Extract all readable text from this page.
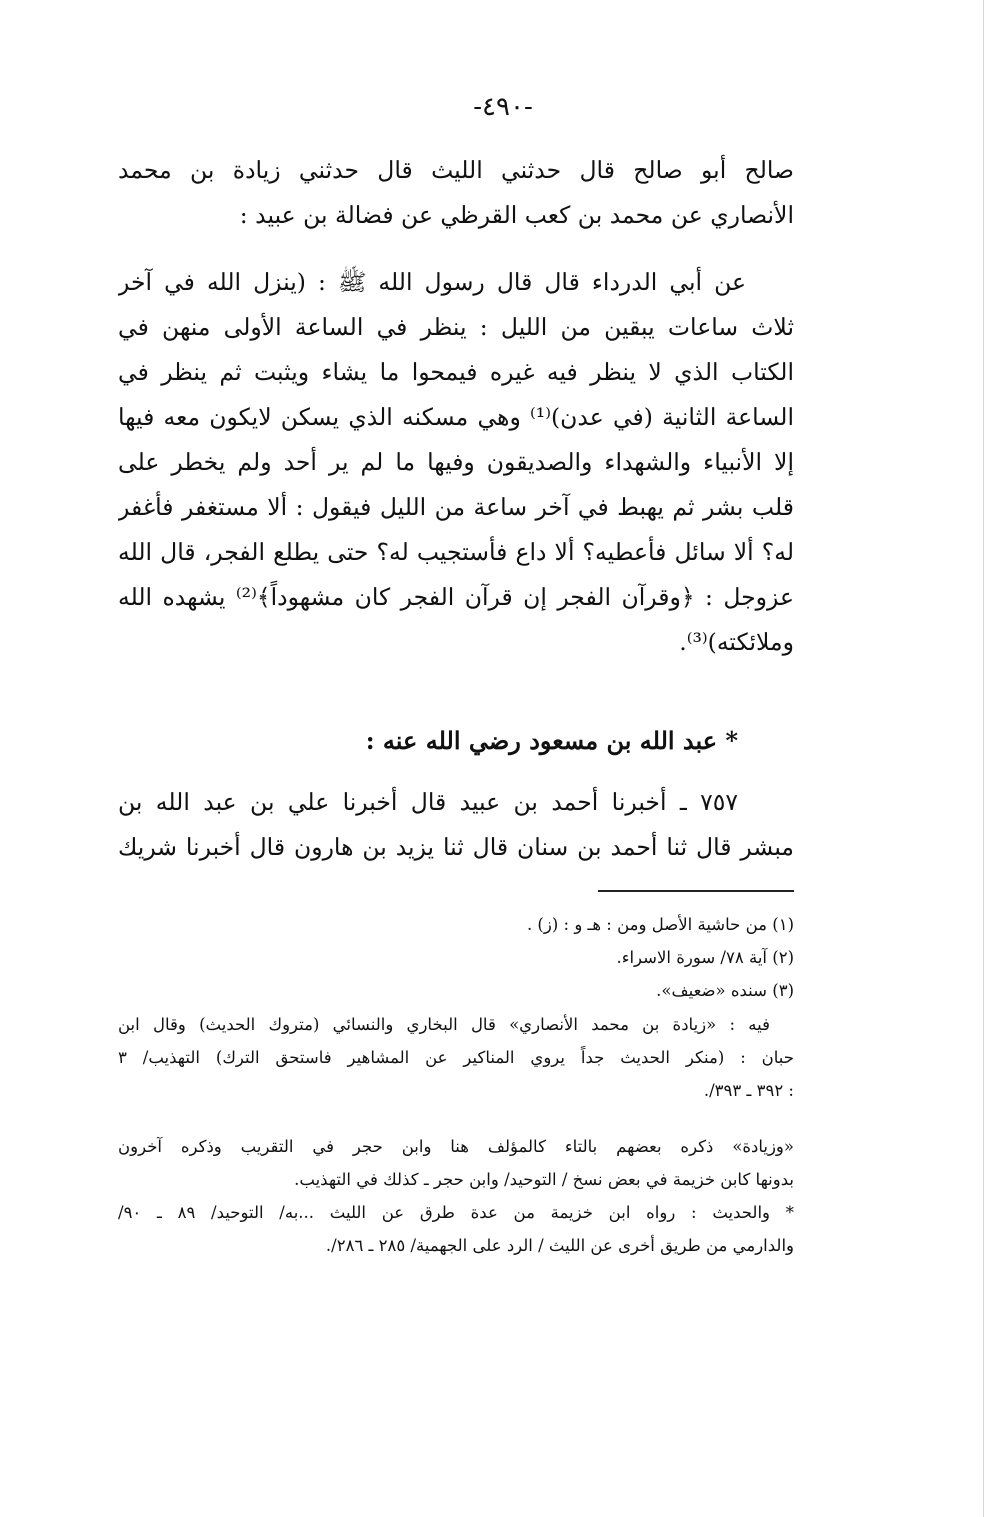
-٤٩٠-
صالح أبو صالح قال حدثني الليث قال حدثني زيادة بن محمد
الأنصاري عن محمد بن كعب القرظي عن فضالة بن عبيد :
عن أبي الدرداء قال قال رسول الله ﷺ : (ينزل الله في آخر
ثلاث ساعات يبقين من الليل : ينظر في الساعة الأولى منهن في
الكتاب الذي لا ينظر فيه غيره فيمحوا ما يشاء ويثبت ثم ينظر في
الساعة الثانية (في عدن)⁽¹⁾ وهي مسكنه الذي يسكن لايكون معه فيها
إلا الأنبياء والشهداء والصديقون وفيها ما لم ير أحد ولم يخطر على
قلب بشر ثم يهبط في آخر ساعة من الليل فيقول : ألا مستغفر فأغفر
له؟ ألا سائل فأعطيه؟ ألا داع فأستجيب له؟ حتى يطلع الفجر، قال الله
عزوجل : ﴿وقرآن الفجر إن قرآن الفجر كان مشهوداً﴾⁽²⁾ يشهده الله
وملائكته)⁽³⁾.
* عبد الله بن مسعود رضي الله عنه :
٧٥٧ ـ أخبرنا أحمد بن عبيد قال أخبرنا علي بن عبد الله بن
مبشر قال ثنا أحمد بن سنان قال ثنا يزيد بن هارون قال أخبرنا شريك
(١) من حاشية الأصل ومن : هـ و : (ز) .
(٢) آية ٧٨/ سورة الاسراء.
(٣) سنده «ضعيف».
فيه : «زيادة بن محمد الأنصاري» قال البخاري والنسائي (متروك الحديث) وقال ابن
حبان : (منكر الحديث جداً يروي المناكير عن المشاهير فاستحق الترك) التهذيب/ ٣
: ٣٩٢ ـ ٣٩٣/.
«وزيادة» ذكره بعضهم بالتاء كالمؤلف هنا وابن حجر في التقريب وذكره آخرون
بدونها كابن خزيمة في بعض نسخ / التوحيد/ وابن حجر ـ كذلك في التهذيب.
* والحديث : رواه ابن خزيمة من عدة طرق عن الليث ...به/ التوحيد/ ٨٩ ـ ٩٠/
والدارمي من طريق أخرى عن الليث / الرد على الجهمية/ ٢٨٥ ـ ٢٨٦/.
